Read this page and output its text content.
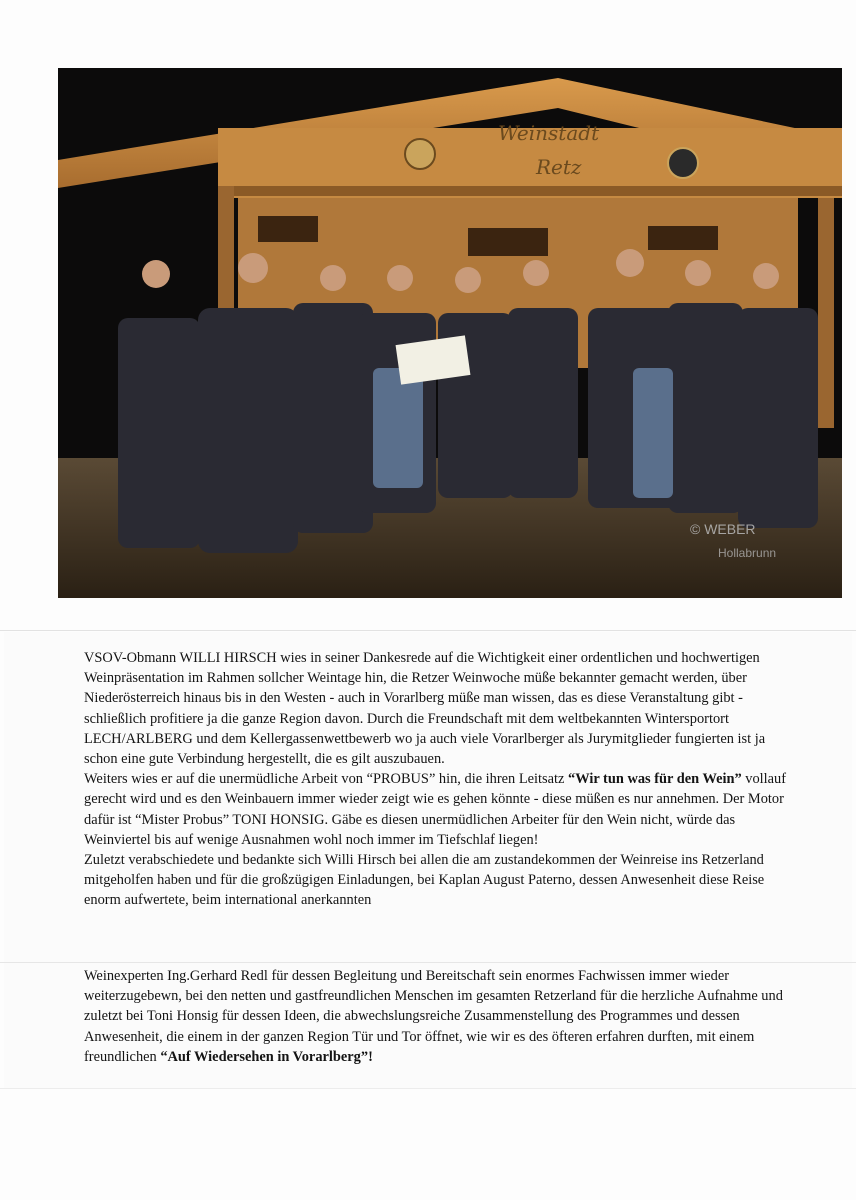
Weinstadt
Retz
© WEBER
Hollabrunn

VSOV-Obmann WILLI HIRSCH wies in seiner Dankesrede auf die Wichtigkeit einer ordentlichen und hochwertigen Weinpräsentation im Rahmen sollcher Weintage hin, die Retzer Weinwoche müße bekannter gemacht werden, über Niederösterreich hinaus bis in den Westen - auch in Vorarlberg müße man wissen, das es diese Veranstaltung gibt - schließlich profitiere ja die ganze Region davon. Durch die Freundschaft mit dem weltbekannten Wintersportort LECH/ARLBERG und dem Kellergassenwettbewerb wo ja auch viele Vorarlberger als Jurymitglieder fungierten ist ja schon eine gute Verbindung hergestellt, die es gilt auszubauen.

Weiters wies er auf die unermüdliche Arbeit von “PROBUS” hin, die ihren Leitsatz “Wir tun was für den Wein” vollauf gerecht wird und es den Weinbauern immer wieder zeigt wie es gehen könnte - diese müßen es nur annehmen. Der Motor dafür ist “Mister Probus” TONI HONSIG. Gäbe es diesen unermüdlichen Arbeiter für den Wein nicht, würde das Weinviertel bis auf wenige Ausnahmen wohl noch immer im Tiefschlaf liegen!

Zuletzt verabschiedete und bedankte sich Willi Hirsch bei allen die am zustandekommen der Weinreise ins Retzerland mitgeholfen haben und für die großzügigen Einladungen, bei Kaplan August Paterno, dessen Anwesenheit diese Reise enorm aufwertete, beim international anerkannten

Weinexperten Ing.Gerhard Redl für dessen Begleitung und Bereitschaft sein enormes Fachwissen immer wieder weiterzugebewn, bei den netten und gastfreundlichen Menschen im gesamten Retzerland für die herzliche Aufnahme und zuletzt bei Toni Honsig für dessen Ideen, die abwechslungsreiche Zusammenstellung des Programmes und dessen Anwesenheit, die einem in der ganzen Region Tür und Tor öffnet, wie wir es des öfteren erfahren durften, mit einem freundlichen “Auf Wiedersehen in Vorarlberg”!
